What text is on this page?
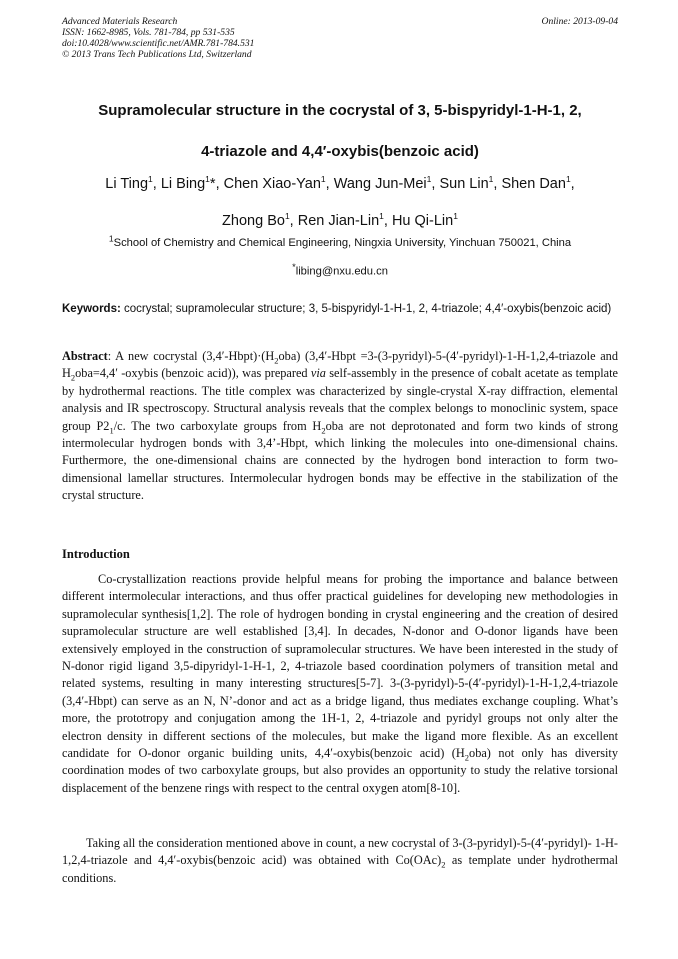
Advanced Materials Research
ISSN: 1662-8985, Vols. 781-784, pp 531-535
doi:10.4028/www.scientific.net/AMR.781-784.531
© 2013 Trans Tech Publications Ltd, Switzerland
Online: 2013-09-04
Supramolecular structure in the cocrystal of 3, 5-bispyridyl-1-H-1, 2,
4-triazole and 4,4′-oxybis(benzoic acid)
Li Ting$^1$, Li Bing$^1$*, Chen Xiao-Yan$^1$, Wang Jun-Mei$^1$, Sun Lin$^1$, Shen Dan$^1$,
Zhong Bo$^1$, Ren Jian-Lin$^1$, Hu Qi-Lin$^1$
$^1$School of Chemistry and Chemical Engineering, Ningxia University, Yinchuan 750021, China
*libing@nxu.edu.cn
Keywords: cocrystal; supramolecular structure; 3, 5-bispyridyl-1-H-1, 2, 4-triazole; 4,4′-oxybis(benzoic acid)
Abstract: A new cocrystal $(3,4'-Hbpt)\cdot(H_2oba)$ (3,4′-Hbpt =3-(3-pyridyl)-5-(4′-pyridyl)-1-H-1,2,4-triazole and $H_2oba=4,4'$ -oxybis (benzoic acid)), was prepared via self-assembly in the presence of cobalt acetate as template by hydrothermal reactions. The title complex was characterized by single-crystal X-ray diffraction, elemental analysis and IR spectroscopy. Structural analysis reveals that the complex belongs to monoclinic system, space group $P2_1/c$. The two carboxylate groups from $H_2oba$ are not deprotonated and form two kinds of strong intermolecular hydrogen bonds with 3,4’-Hbpt, which linking the molecules into one-dimensional chains. Furthermore, the one-dimensional chains are connected by the hydrogen bond interaction to form two-dimensional lamellar structures. Intermolecular hydrogen bonds may be effective in the stabilization of the crystal structure.
Introduction
Co-crystallization reactions provide helpful means for probing the importance and balance between different intermolecular interactions, and thus offer practical guidelines for developing new methodologies in supramolecular synthesis[1,2]. The role of hydrogen bonding in crystal engineering and the creation of desired supramolecular structure are well established [3,4]. In decades, N-donor and O-donor ligands have been extensively employed in the construction of supramolecular structures. We have been interested in the study of N-donor rigid ligand 3,5-dipyridyl-1-H-1, 2, 4-triazole based coordination polymers of transition metal and related systems, resulting in many interesting structures[5-7]. 3-(3-pyridyl)-5-(4′-pyridyl)-1-H-1,2,4-triazole (3,4′-Hbpt) can serve as an N, N’-donor and act as a bridge ligand, thus mediates exchange coupling. What’s more, the prototropy and conjugation among the 1H-1, 2, 4-triazole and pyridyl groups not only alter the electron density in different sections of the molecules, but make the ligand more flexible. As an excellent candidate for O-donor organic building units, 4,4′-oxybis(benzoic acid) $(H_2oba)$ not only has diversity coordination modes of two carboxylate groups, but also provides an opportunity to study the relative torsional displacement of the benzene rings with respect to the central oxygen atom[8-10].
Taking all the consideration mentioned above in count, a new cocrystal of 3-(3-pyridyl)-5-(4′-pyridyl)- 1-H-1,2,4-triazole and 4,4′-oxybis(benzoic acid) was obtained with $Co(OAc)_2$ as template under hydrothermal conditions.
